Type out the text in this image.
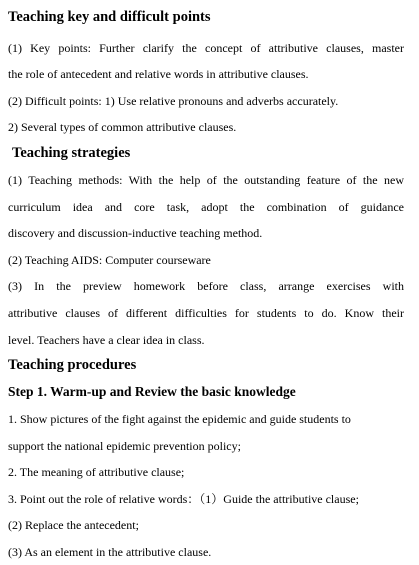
Teaching key and difficult points
(1) Key points: Further clarify the concept of attributive clauses, master
the role of antecedent and relative words in attributive clauses.
(2) Difficult points: 1) Use relative pronouns and adverbs accurately.
2) Several types of common attributive clauses.
Teaching strategies
(1) Teaching methods: With the help of the outstanding feature of the new
curriculum idea and core task, adopt the combination of guidance
discovery and discussion-inductive teaching method.
(2) Teaching AIDS: Computer courseware
(3) In the preview homework before class, arrange exercises with
attributive clauses of different difficulties for students to do. Know their
level. Teachers have a clear idea in class.
Teaching procedures
Step 1. Warm-up and Review the basic knowledge
1. Show pictures of the fight against the epidemic and guide students to
support the national epidemic prevention policy;
2. The meaning of attributive clause;
3. Point out the role of relative words：（1）Guide the attributive clause;
(2) Replace the antecedent;
(3) As an element in the attributive clause.
